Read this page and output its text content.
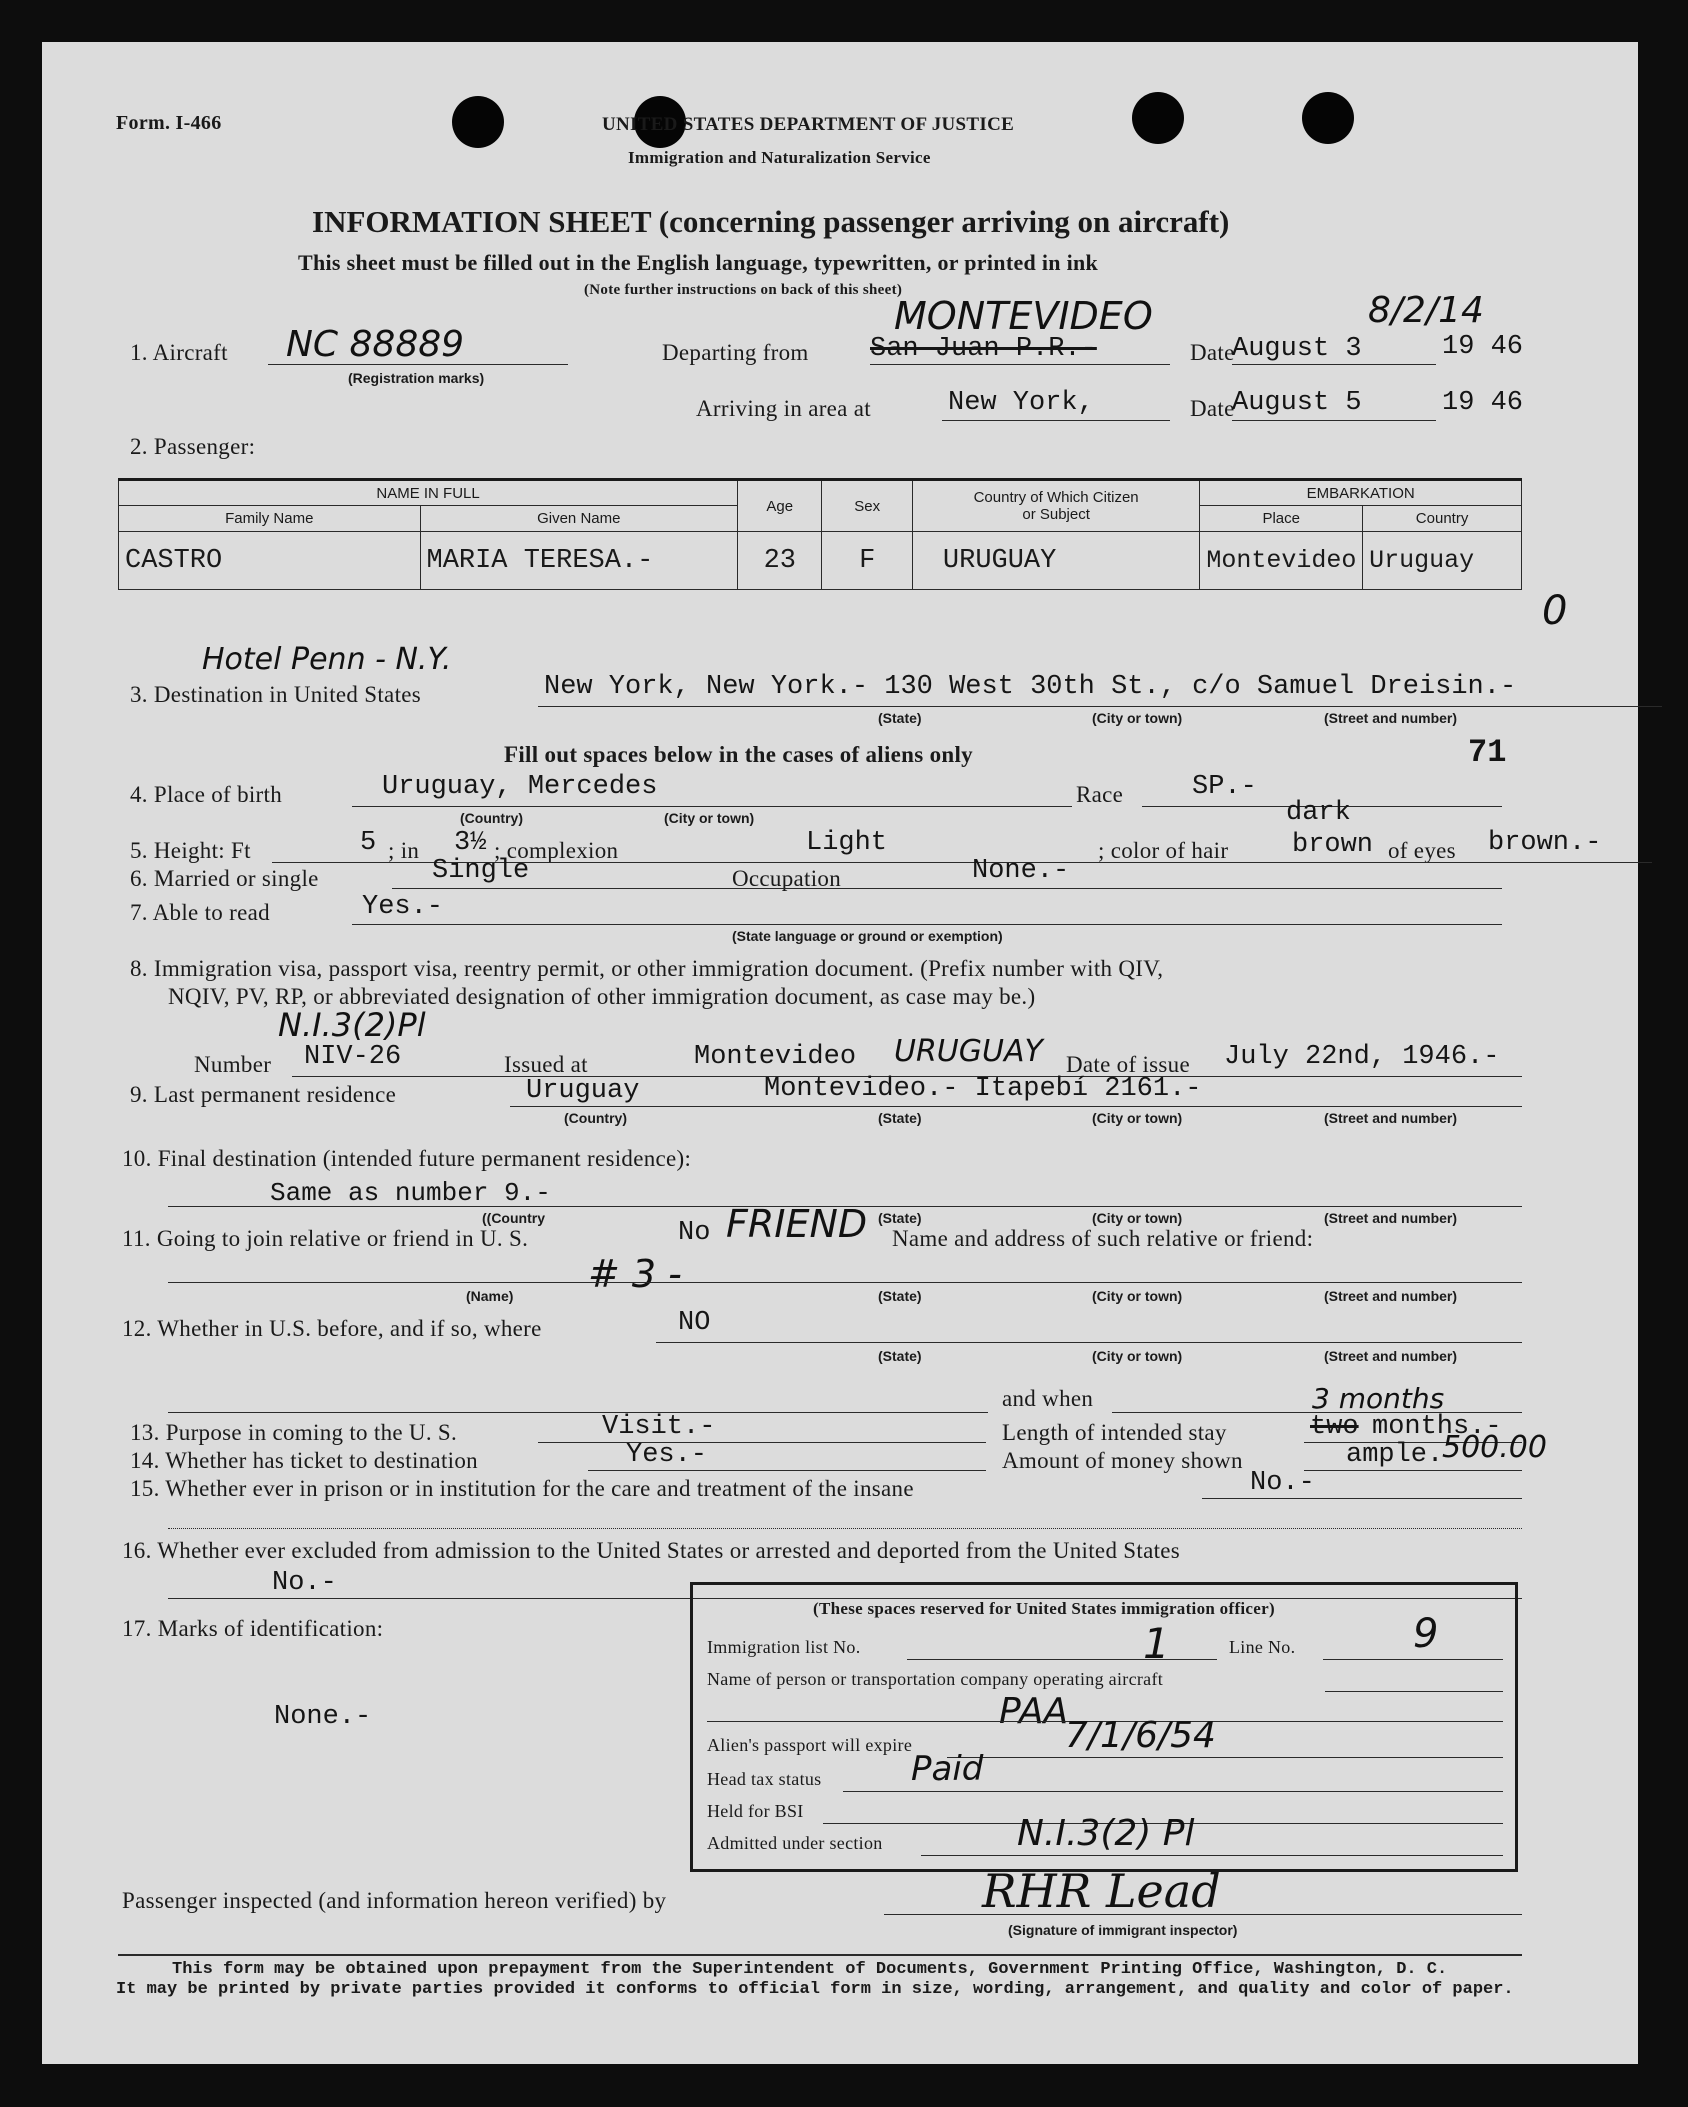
Form. I-466	UNITED STATES DEPARTMENT OF JUSTICE
Immigration and Naturalization Service
INFORMATION SHEET (concerning passenger arriving on aircraft)
This sheet must be filled out in the English language, typewritten, or printed in ink
(Note further instructions on back of this sheet)
1. Aircraft NC 88889
(Registration marks)
Departing from San Juan P.R.-
MONTEVIDEO
Date
August 3
8/2/14
19 46
Arriving in area at	New York,	Date
August 5	19 46
2. Passenger:
NAME IN FULL		Age	Sex	Country of Which Citizen
or Subject	EMBARKATION	
Family Name	Given Name				Place	Country
CASTRO	MARIA TERESA.-	23	F	URUGUAY	Montevideo	Uruguay
0
Hotel Penn - N.Y.
3. Destination in United States	New York, New York.- 130 West 30th St., c/o Samuel Dreisin.-
(State)	(City or town)	(Street and number)
Fill out spaces below in the cases of aliens only	71
4. Place of birth	Uruguay, Mercedes
(Country)	(City or town)
Race	SP.-
5. Height: Ft	5 ; in 3½ ; complexion	Light	; color of hair
dark
brown of eyes brown.-
6. Married or single	Single	Occupation	None.-
7. Able to read	Yes.-
(State language or ground or exemption)
8. Immigration visa, passport visa, reentry permit, or other immigration document. (Prefix number with QIV,
NQIV, PV, RP, or abbreviated designation of other immigration document, as case may be.)
N.I.3(2)Pl
Number NIV-26	Issued at	Montevideo URUGUAY Date of issue July 22nd, 1946.-
9. Last permanent residence	Uruguay	Montevideo.- Itapebí 2161.-
(Country)	(State)	(City or town)	(Street and number)
10. Final destination (intended future permanent residence):
Same as number 9.-
((Country	(State)	(City or town)	(Street and number)
11. Going to join relative or friend in U. S.	No FRIEND Name and address of such relative or friend:
# 3 -
(Name)	(State)	(City or town)	(Street and number)
12. Whether in U.S. before, and if so, where	NO
(State)	(City or town)	(Street and number)
and when
13. Purpose in coming to the U. S.	Visit.-	Length of intended stay
3 months
two months.-
14. Whether has ticket to destination	Yes.-	Amount of money shown	ample.
500.00
15. Whether ever in prison or in institution for the care and treatment of the insane	No.-
16. Whether ever excluded from admission to the United States or arrested and deported from the United States
No.-
17. Marks of identification:
None.-
(These spaces reserved for United States immigration officer)
Immigration list No.	1	Line No.	9
Name of person or transportation company operating aircraft
PAA
Alien's passport will expire	7/1/6/54
Head tax status	Paid
Held for BSI
Admitted under section	N.I.3(2) Pl
Passenger inspected (and information hereon verified) by	RHR Lead
(Signature of immigrant inspector)
This form may be obtained upon prepayment from the Superintendent of Documents, Government Printing Office, Washington, D. C.
It may be printed by private parties provided it conforms to official form in size, wording, arrangement, and quality and color of paper.
